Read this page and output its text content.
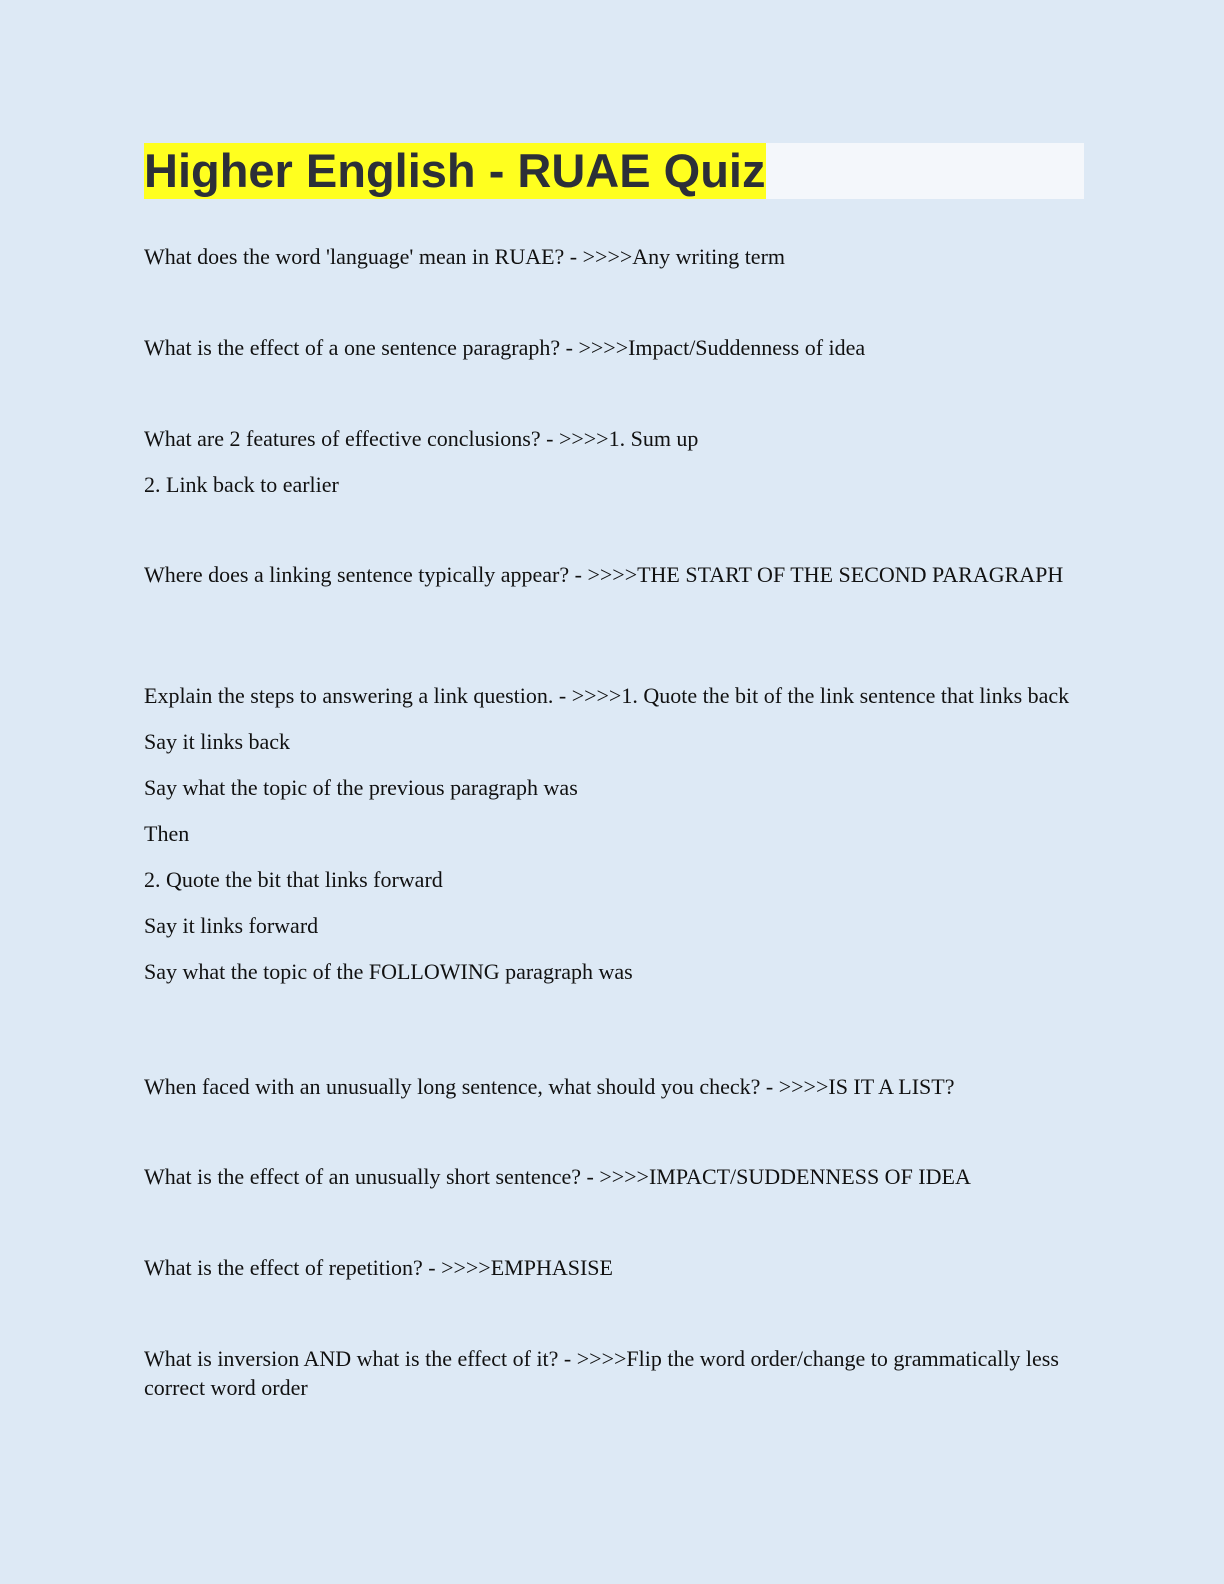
Higher English - RUAE Quiz

What does the word 'language' mean in RUAE? - >>>>Any writing term

What is the effect of a one sentence paragraph? - >>>>Impact/Suddenness of idea

What are 2 features of effective conclusions? - >>>>1. Sum up

2. Link back to earlier

Where does a linking sentence typically appear? - >>>>THE START OF THE SECOND PARAGRAPH

Explain the steps to answering a link question. - >>>>1. Quote the bit of the link sentence that links back

Say it links back

Say what the topic of the previous paragraph was

Then

2. Quote the bit that links forward

Say it links forward

Say what the topic of the FOLLOWING paragraph was

When faced with an unusually long sentence, what should you check? - >>>>IS IT A LIST?

What is the effect of an unusually short sentence? - >>>>IMPACT/SUDDENNESS OF IDEA

What is the effect of repetition? - >>>>EMPHASISE

What is inversion AND what is the effect of it? - >>>>Flip the word order/change to grammatically less correct word order
